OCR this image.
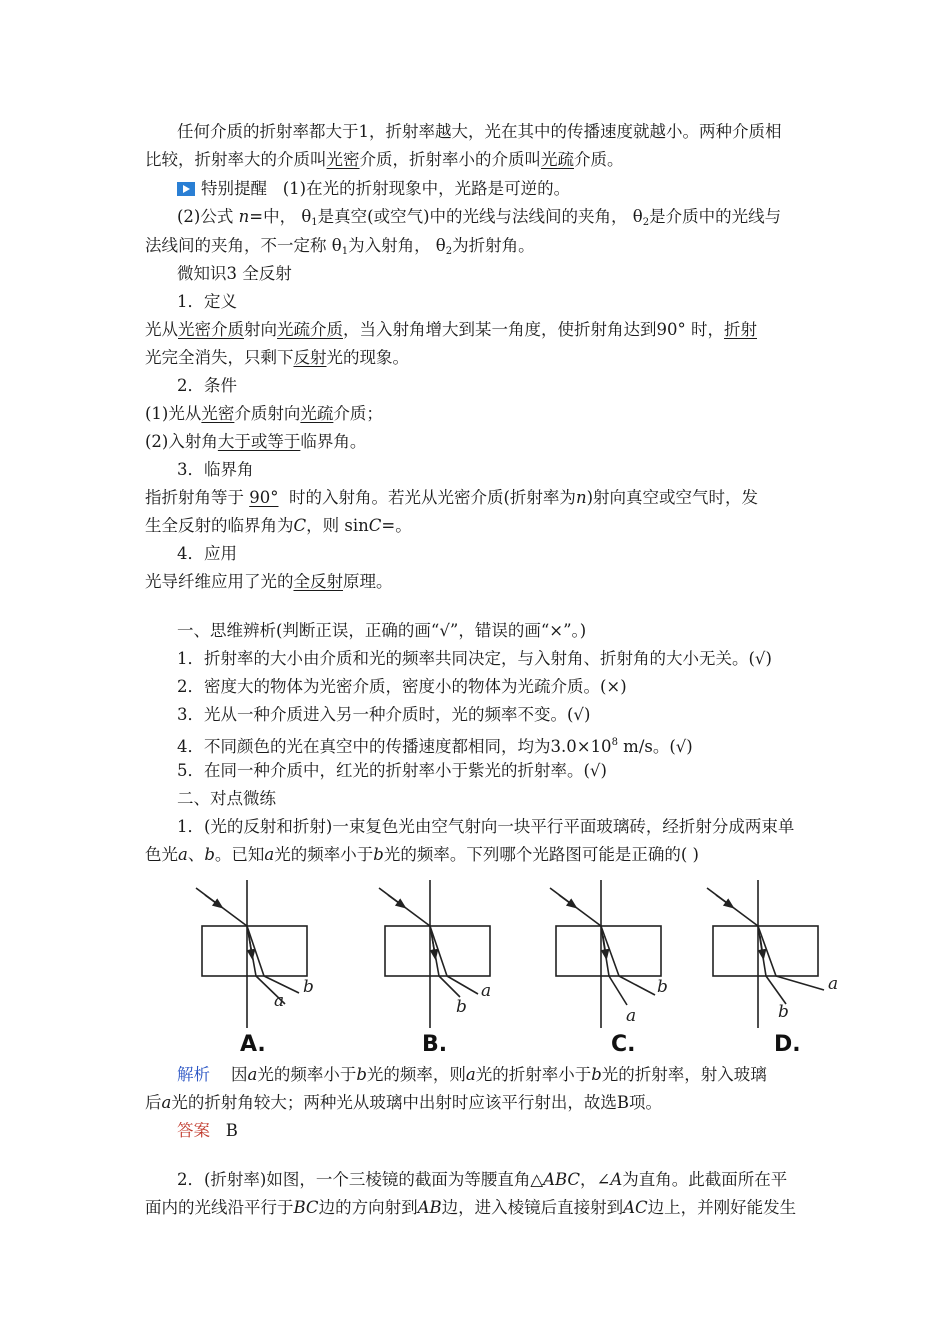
任何介质的折射率都大于1，折射率越大，光在其中的传播速度就越小。两种介质相
比较，折射率大的介质叫光密介质，折射率小的介质叫光疏介质。
特别提醒 (1)在光的折射现象中，光路是可逆的。
(2)公式 n=中， $\theta_1$是真空(或空气)中的光线与法线间的夹角， $\theta_2$是介质中的光线与
法线间的夹角，不一定称 $\theta_1$为入射角， $\theta_2$为折射角。
微知识3 全反射
1．定义
光从光密介质射向光疏介质，当入射角增大到某一角度，使折射角达到90° 时，折射
光完全消失，只剩下反射光的现象。
2．条件
(1)光从光密介质射向光疏介质；
(2)入射角大于或等于临界角。
3．临界角
指折射角等于 90° 时的入射角。若光从光密介质(折射率为n)射向真空或空气时，发
生全反射的临界角为C，则 sinC=。
4．应用
光导纤维应用了光的全反射原理。
一、思维辨析(判断正误，正确的画“√”，错误的画“×”。)
1．折射率的大小由介质和光的频率共同决定，与入射角、折射角的大小无关。(√)
2．密度大的物体为光密介质，密度小的物体为光疏介质。(×)
3．光从一种介质进入另一种介质时，光的频率不变。(√)
4．不同颜色的光在真空中的传播速度都相同，均为$3.0\times 10^8$ m/s。(√)
5．在同一种介质中，红光的折射率小于紫光的折射率。(√)
二、对点微练
1．(光的反射和折射)一束复色光由空气射向一块平行平面玻璃砖，经折射分成两束单
色光a、b。已知a光的频率小于b光的频率。下列哪个光路图可能是正确的( )
a
b
b
a
a
b
b
a
A.	B.	C.	D.
解析 因a光的频率小于b光的频率，则a光的折射率小于b光的折射率，射入玻璃
后a光的折射角较大；两种光从玻璃中出射时应该平行射出，故选B项。
答案 B
2．(折射率)如图，一个三棱镜的截面为等腰直角△ABC，∠A为直角。此截面所在平
面内的光线沿平行于BC边的方向射到AB边，进入棱镜后直接射到AC边上，并刚好能发生
